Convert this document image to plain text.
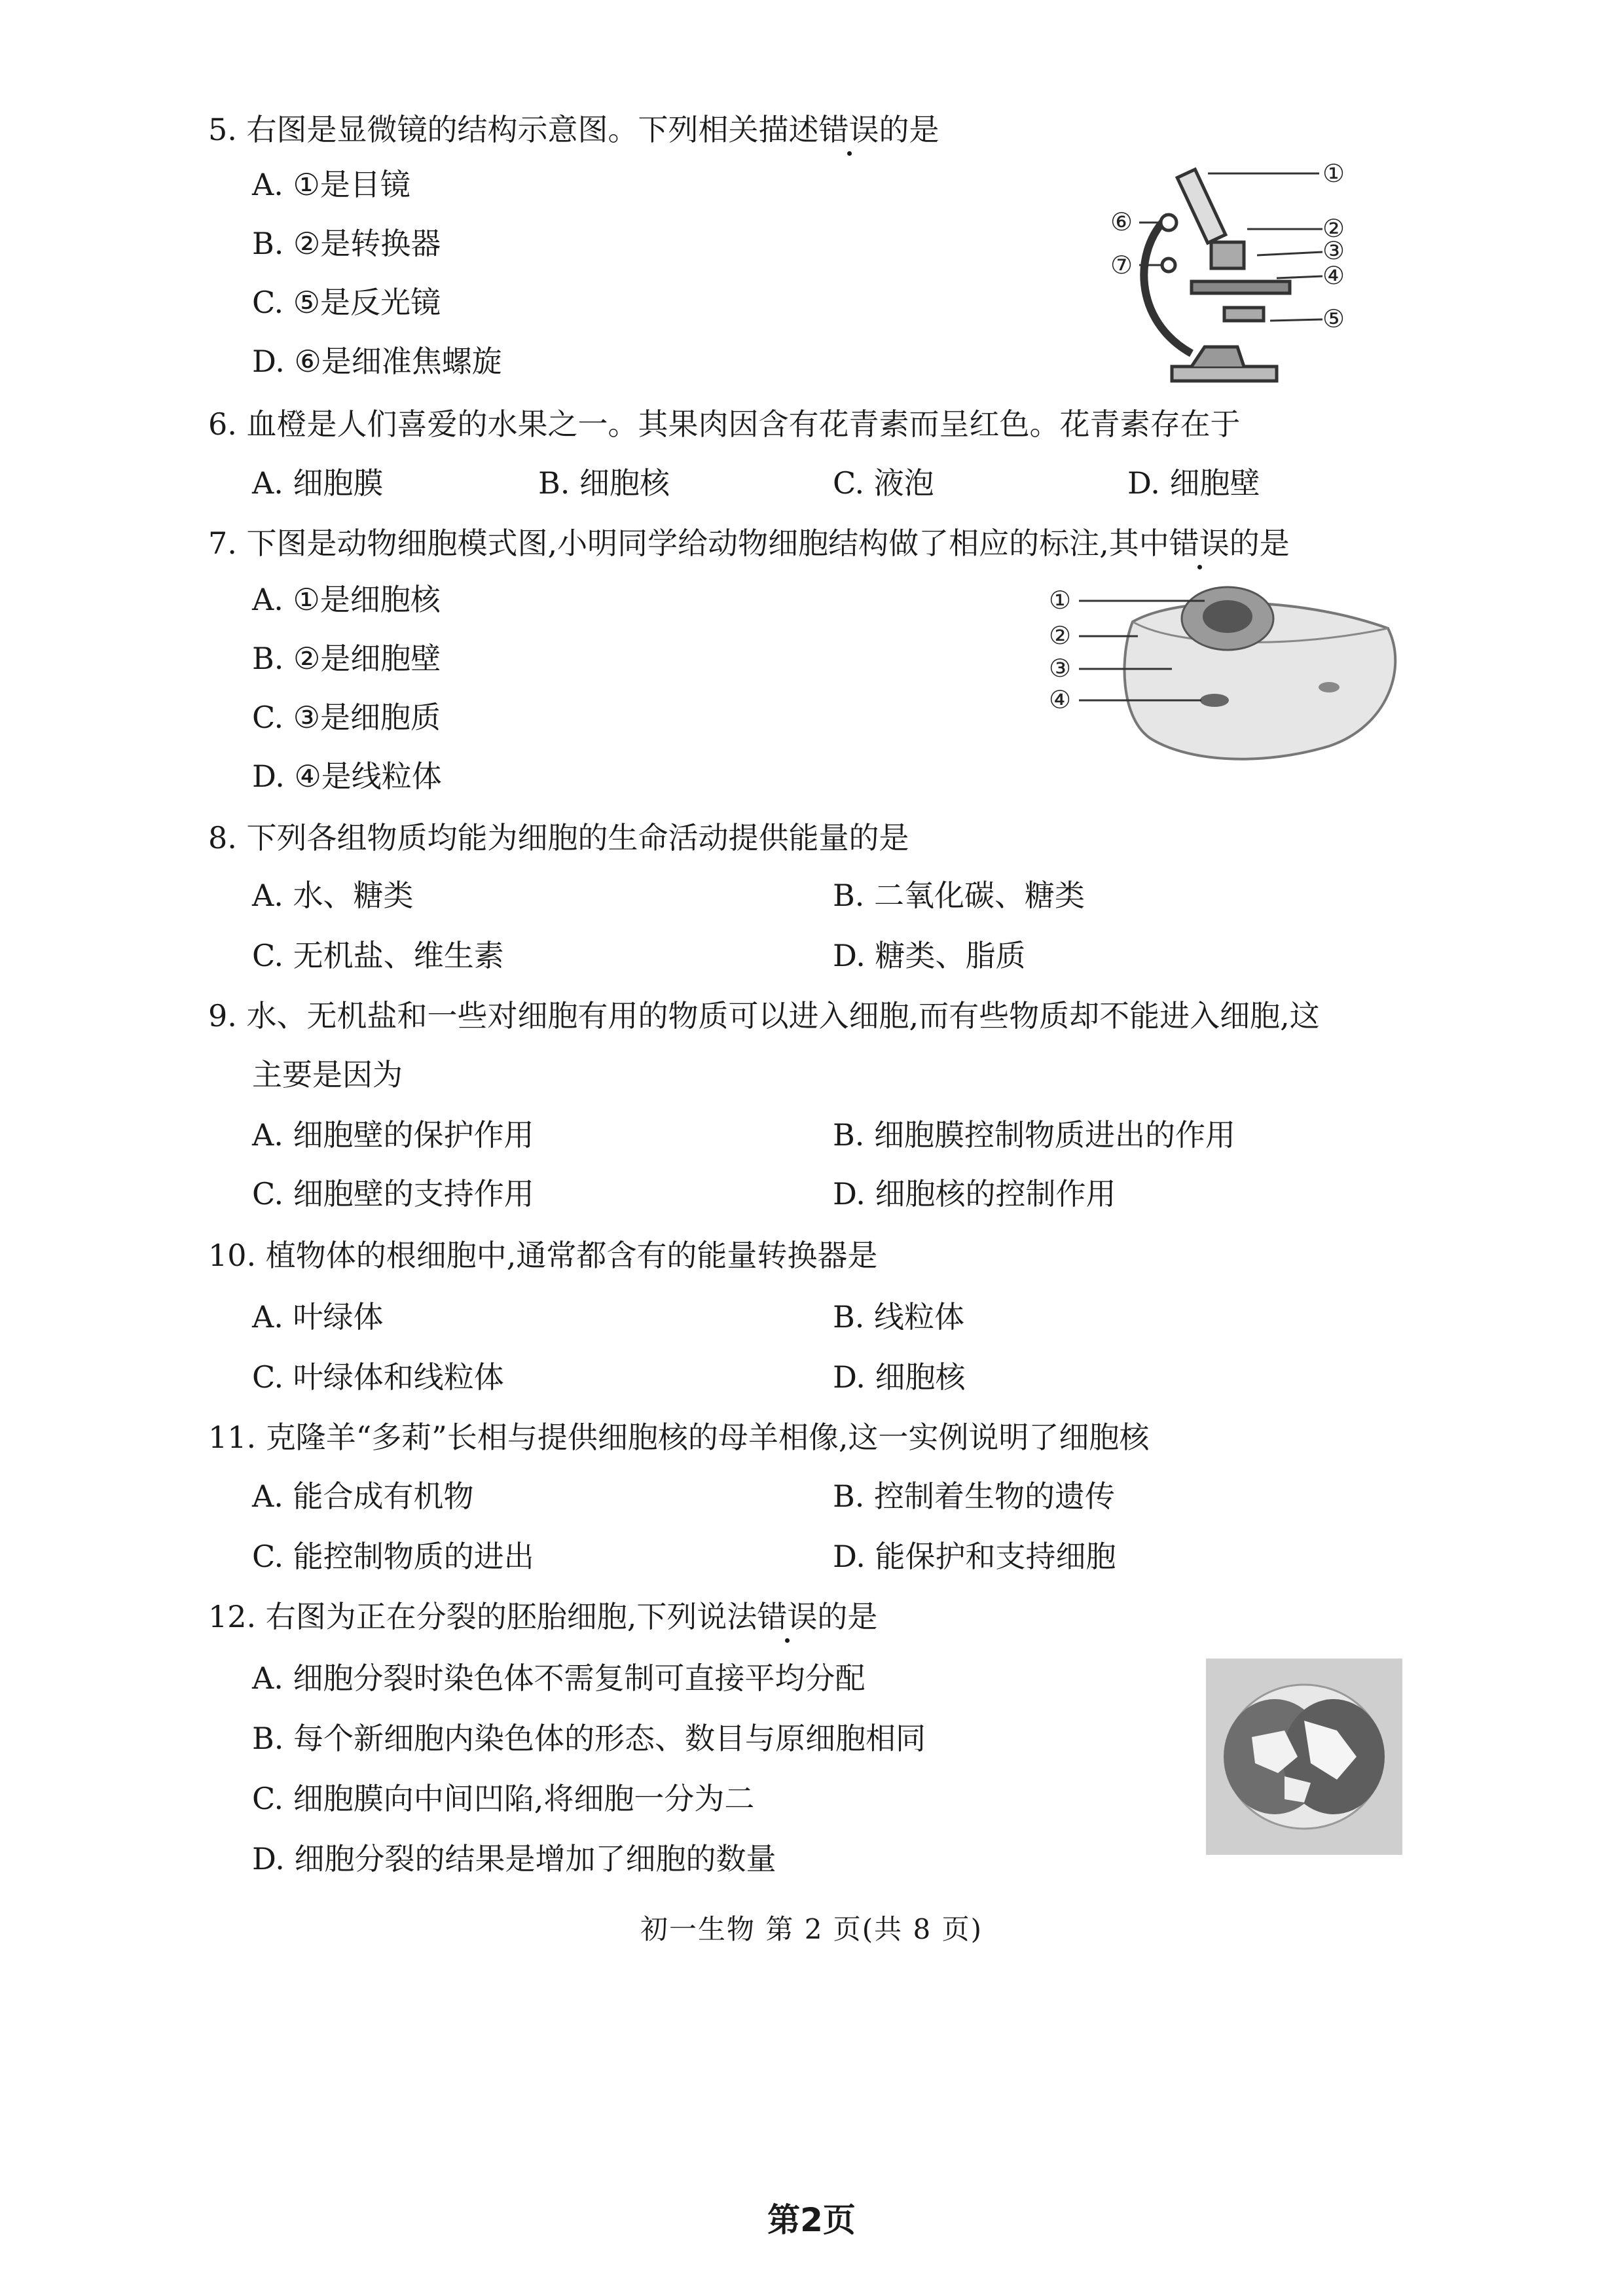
5. 右图是显微镜的结构示意图。下列相关描述错误的是
A. ①是目镜
B. ②是转换器
C. ⑤是反光镜
D. ⑥是细准焦螺旋
①
②
③
④
⑤
⑥
⑦
6. 血橙是人们喜爱的水果之一。其果肉因含有花青素而呈红色。花青素存在于
A. 细胞膜	B. 细胞核	C. 液泡	D. 细胞壁
7. 下图是动物细胞模式图,小明同学给动物细胞结构做了相应的标注,其中错误的是
A. ①是细胞核
B. ②是细胞壁
C. ③是细胞质
D. ④是线粒体
①
②
③
④
8. 下列各组物质均能为细胞的生命活动提供能量的是
A. 水、糖类	B. 二氧化碳、糖类
C. 无机盐、维生素	D. 糖类、脂质
9. 水、无机盐和一些对细胞有用的物质可以进入细胞,而有些物质却不能进入细胞,这
主要是因为
A. 细胞壁的保护作用	B. 细胞膜控制物质进出的作用
C. 细胞壁的支持作用	D. 细胞核的控制作用
10. 植物体的根细胞中,通常都含有的能量转换器是
A. 叶绿体	B. 线粒体
C. 叶绿体和线粒体	D. 细胞核
11. 克隆羊“多莉”长相与提供细胞核的母羊相像,这一实例说明了细胞核
A. 能合成有机物	B. 控制着生物的遗传
C. 能控制物质的进出	D. 能保护和支持细胞
12. 右图为正在分裂的胚胎细胞,下列说法错误的是
A. 细胞分裂时染色体不需复制可直接平均分配
B. 每个新细胞内染色体的形态、数目与原细胞相同
C. 细胞膜向中间凹陷,将细胞一分为二
D. 细胞分裂的结果是增加了细胞的数量
初一生物 第 2 页(共 8 页)
第2页
